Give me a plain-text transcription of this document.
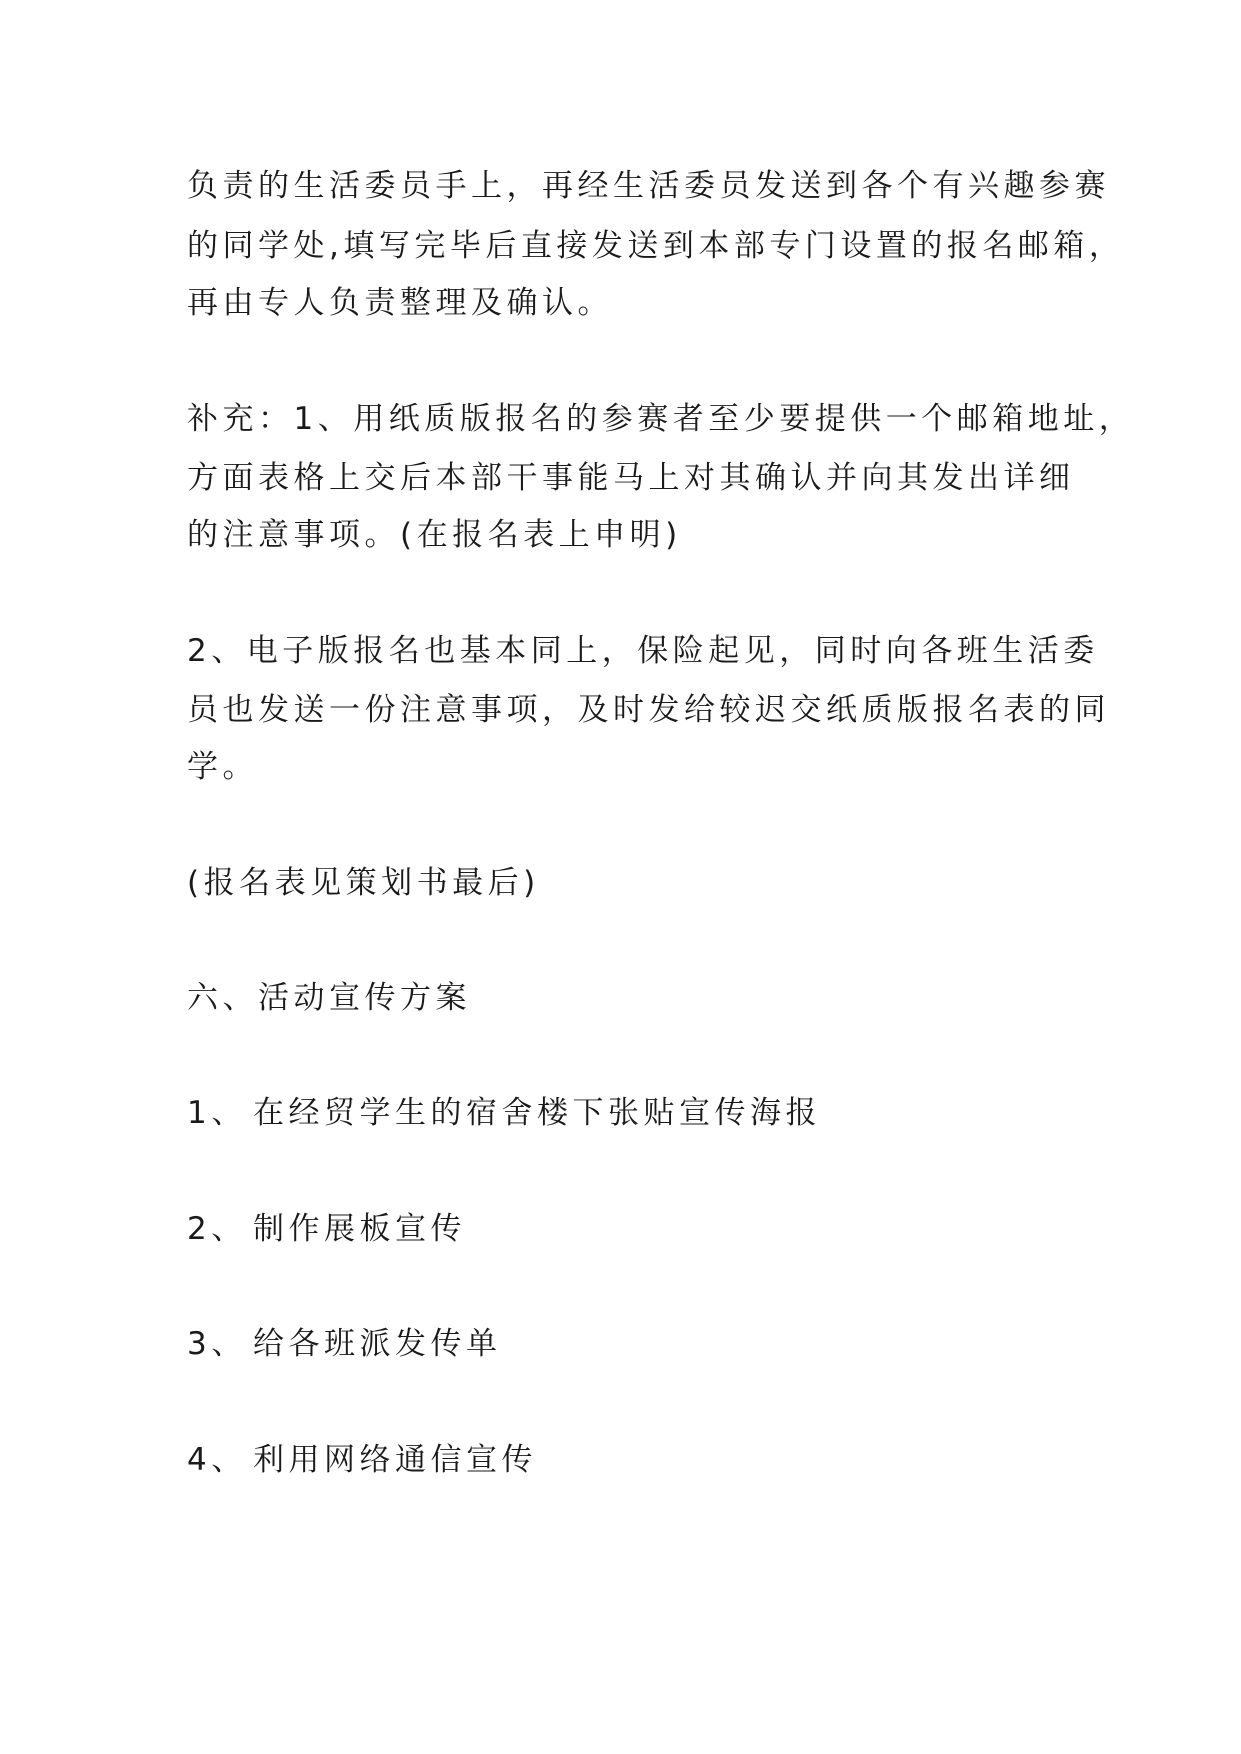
负责的生活委员手上，再经生活委员发送到各个有兴趣参赛
的同学处,填写完毕后直接发送到本部专门设置的报名邮箱，
再由专人负责整理及确认。
补充：1、用纸质版报名的参赛者至少要提供一个邮箱地址，
方面表格上交后本部干事能马上对其确认并向其发出详细
的注意事项。(在报名表上申明)
2、电子版报名也基本同上，保险起见，同时向各班生活委
员也发送一份注意事项，及时发给较迟交纸质版报名表的同
学。
(报名表见策划书最后)
六、活动宣传方案
1、 在经贸学生的宿舍楼下张贴宣传海报
2、 制作展板宣传
3、 给各班派发传单
4、 利用网络通信宣传
